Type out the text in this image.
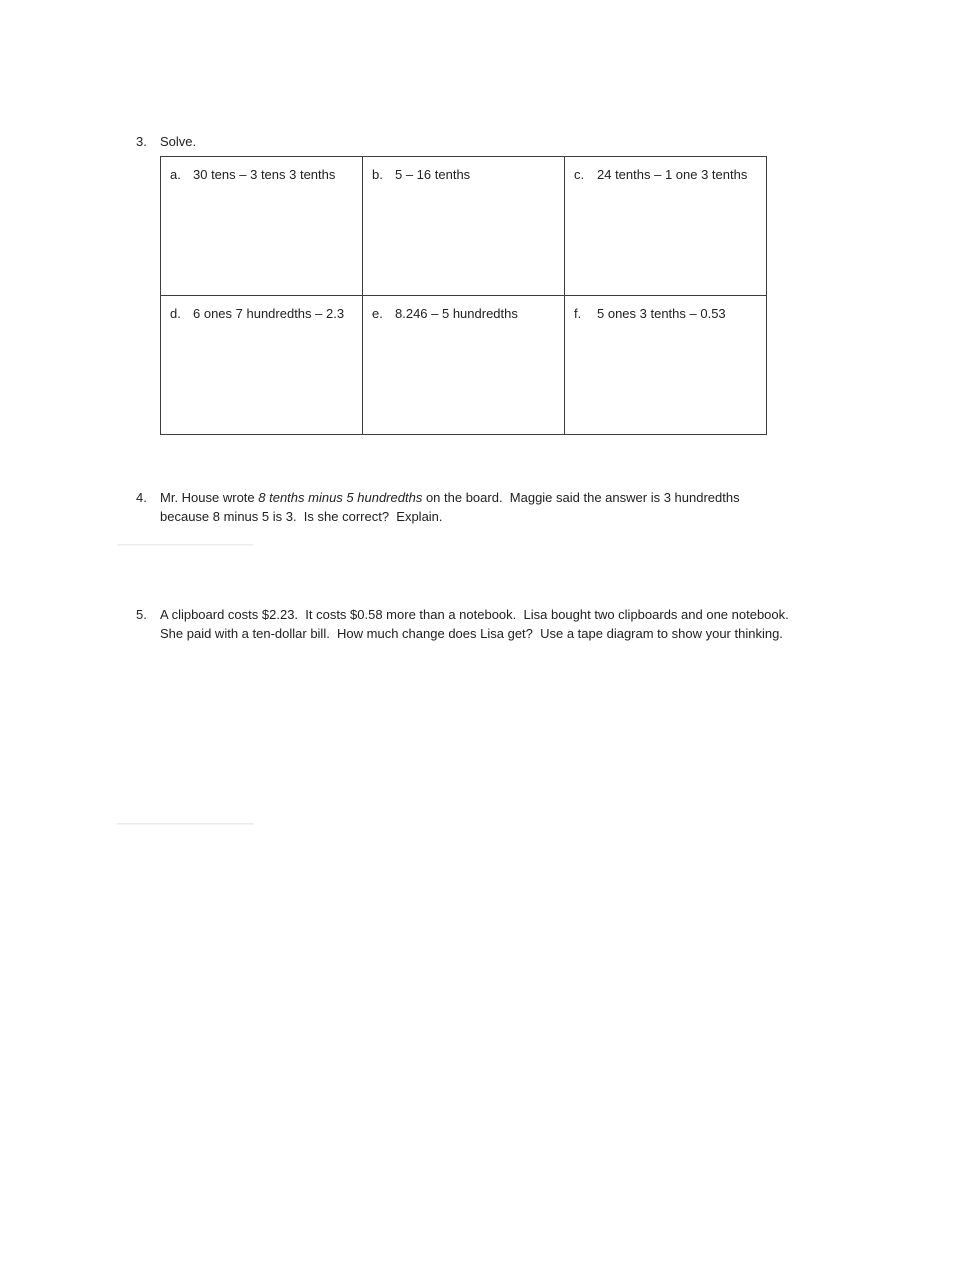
3.	Solve.
a. 30 tens – 3 tens 3 tenths	b. 5 – 16 tenths	c. 24 tenths – 1 one 3 tenths

d. 6 ones 7 hundredths – 2.3	e. 8.246 – 5 hundredths	f. 5 ones 3 tenths – 0.53
4.	Mr. House wrote 8 tenths minus 5 hundredths on the board.  Maggie said the answer is 3 hundredths because 8 minus 5 is 3.  Is she correct?  Explain.
5.	A clipboard costs $2.23.  It costs $0.58 more than a notebook.  Lisa bought two clipboards and one notebook.  She paid with a ten-dollar bill.  How much change does Lisa get?  Use a tape diagram to show your thinking.
